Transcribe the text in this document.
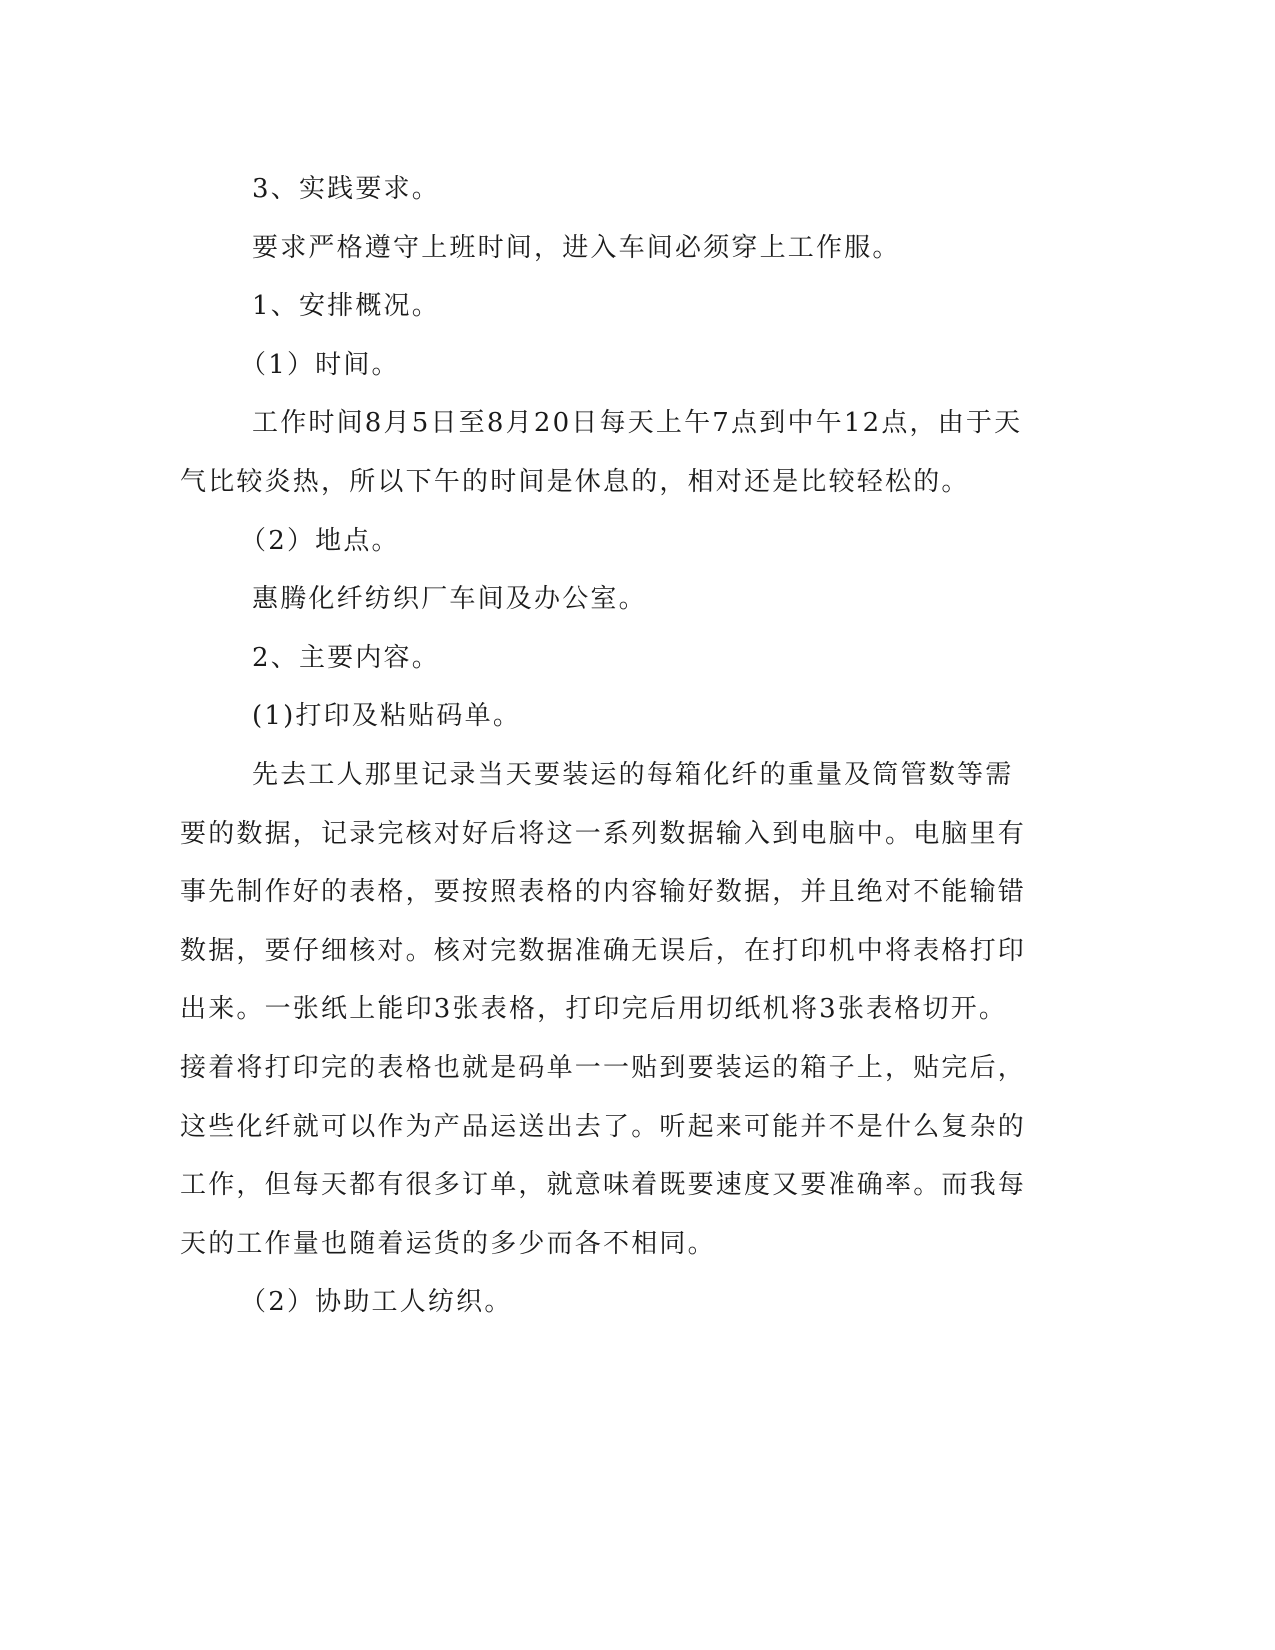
3、实践要求。

要求严格遵守上班时间，进入车间必须穿上工作服。

1、安排概况。

（1）时间。

工作时间8月5日至8月20日每天上午7点到中午12点，由于天气比较炎热，所以下午的时间是休息的，相对还是比较轻松的。

（2）地点。

惠腾化纤纺织厂车间及办公室。

2、主要内容。

(1)打印及粘贴码单。

先去工人那里记录当天要装运的每箱化纤的重量及筒管数等需要的数据，记录完核对好后将这一系列数据输入到电脑中。电脑里有事先制作好的表格，要按照表格的内容输好数据，并且绝对不能输错数据，要仔细核对。核对完数据准确无误后，在打印机中将表格打印出来。一张纸上能印3张表格，打印完后用切纸机将3张表格切开。接着将打印完的表格也就是码单一一贴到要装运的箱子上，贴完后，这些化纤就可以作为产品运送出去了。听起来可能并不是什么复杂的工作，但每天都有很多订单，就意味着既要速度又要准确率。而我每天的工作量也随着运货的多少而各不相同。

（2）协助工人纺织。
